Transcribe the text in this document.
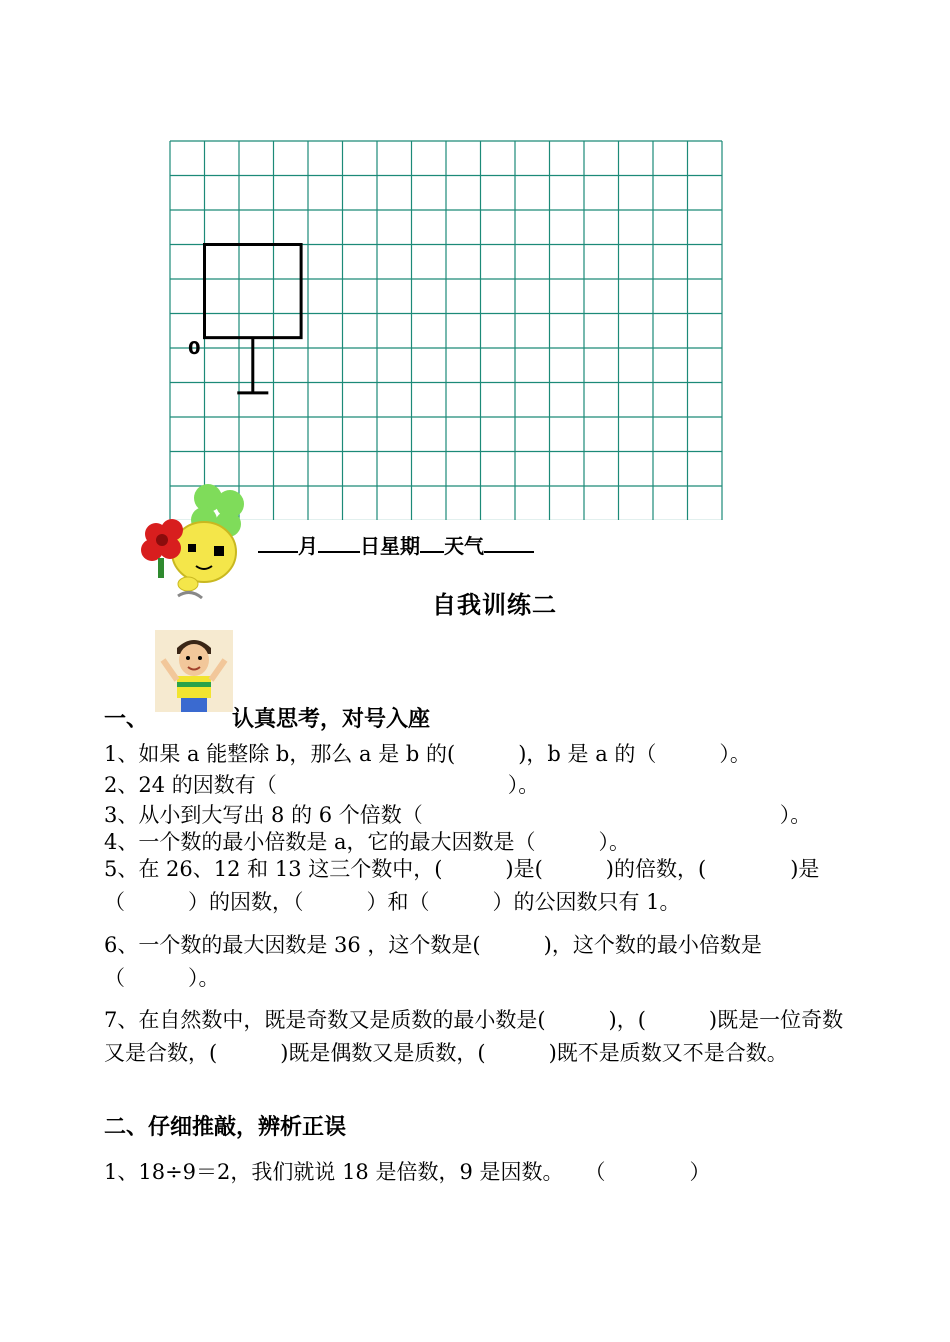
0
月 日星期 天气
自我训练二
一、	认真思考，对号入座
1、如果 a 能整除 b，那么 a 是 b 的(　　　)，b 是 a 的（　　　）。
2、24 的因数有（　　　　　　　　　　　）。
3、从小到大写出 8 的 6 个倍数（　　　　　　　　　　　　　　　　　）。
4、一个数的最小倍数是 a，它的最大因数是（　　　）。
5、在 26、12 和 13 这三个数中，(　　　)是(　　　)的倍数，(　　　　)是（　　　）的因数，（　　　）和（　　　）的公因数只有 1。
6、一个数的最大因数是 36 ，这个数是(　　　)，这个数的最小倍数是（　　　）。
7、在自然数中，既是奇数又是质数的最小数是(　　　)，(　　　)既是一位奇数又是合数，(　　　)既是偶数又是质数，(　　　)既不是质数又不是合数。
二、仔细推敲，辨析正误
1、18÷9＝2，我们就说 18 是倍数，9 是因数。　　（　　　　）
